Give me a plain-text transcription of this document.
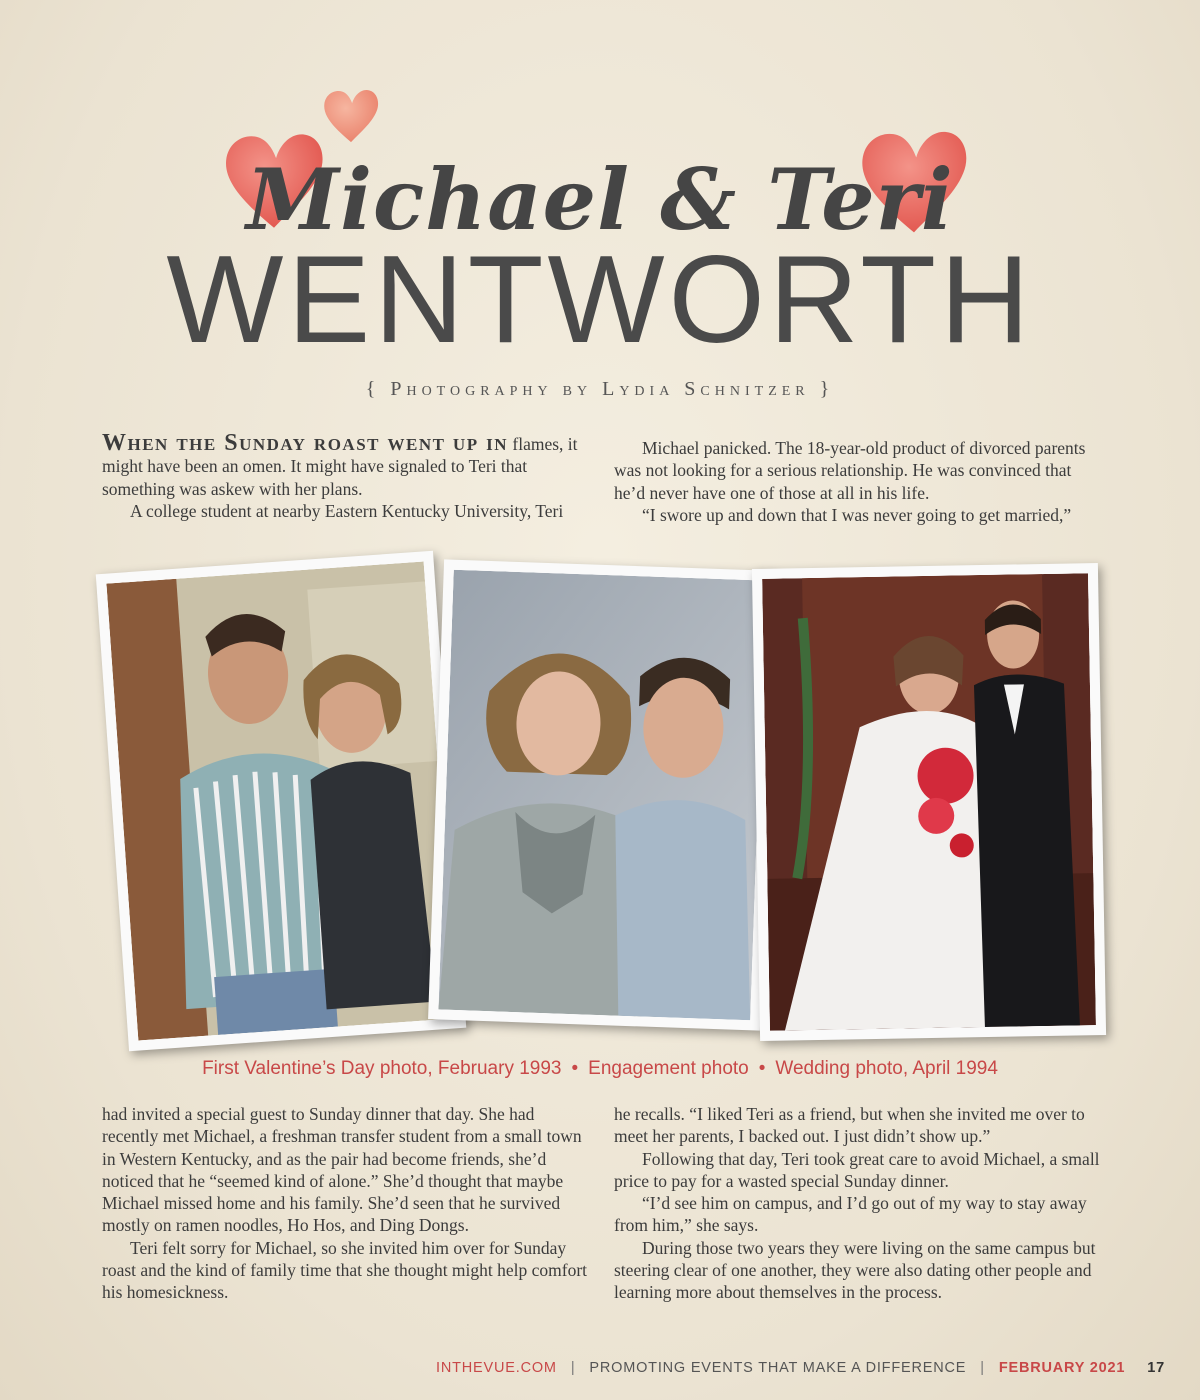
Michael & Teri
WENTWORTH
{ Photography by Lydia Schnitzer }

When the Sunday roast went up in flames, it might have been an omen. It might have signaled to Teri that something was askew with her plans.

A college student at nearby Eastern Kentucky University, Teri

Michael panicked. The 18-year-old product of divorced parents was not looking for a serious relationship. He was convinced that he’d never have one of those at all in his life.

“I swore up and down that I was never going to get married,”

First Valentine’s Day photo, February 1993 • Engagement photo • Wedding photo, April 1994

had invited a special guest to Sunday dinner that day. She had recently met Michael, a freshman transfer student from a small town in Western Kentucky, and as the pair had become friends, she’d noticed that he “seemed kind of alone.” She’d thought that maybe Michael missed home and his family. She’d seen that he survived mostly on ramen noodles, Ho Hos, and Ding Dongs.

Teri felt sorry for Michael, so she invited him over for Sunday roast and the kind of family time that she thought might help comfort his homesickness.

he recalls. “I liked Teri as a friend, but when she invited me over to meet her parents, I backed out. I just didn’t show up.”

Following that day, Teri took great care to avoid Michael, a small price to pay for a wasted special Sunday dinner.

“I’d see him on campus, and I’d go out of my way to stay away from him,” she says.

During those two years they were living on the same campus but steering clear of one another, they were also dating other people and learning more about themselves in the process.

INTHEVUE.COM | PROMOTING EVENTS THAT MAKE A DIFFERENCE | FEBRUARY 2021 17
